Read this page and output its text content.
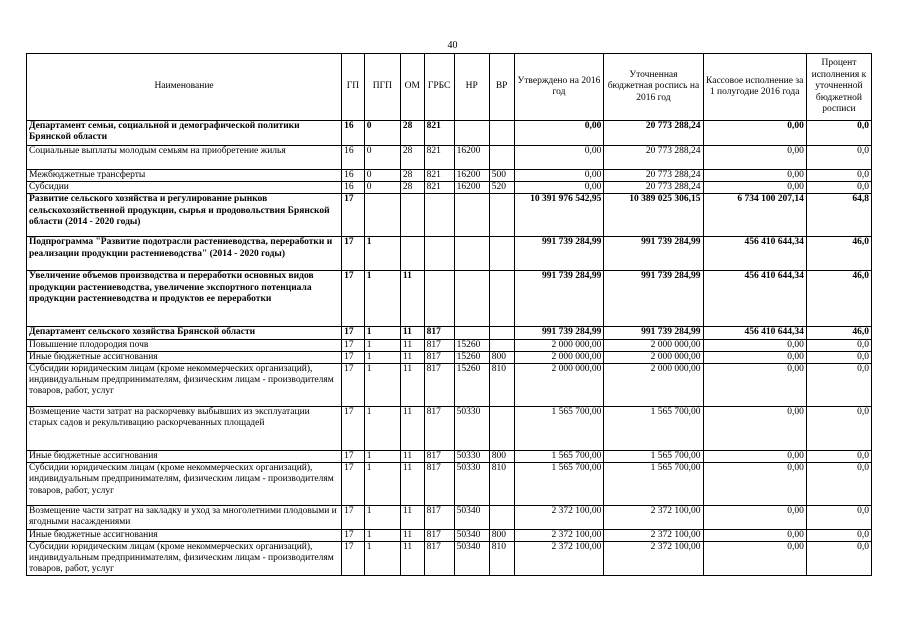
40
Наименование	ГП	ПГП	ОМ	ГРБС	НР	ВР	Утверждено на 2016 год	Уточненная бюджетная роспись на 2016 год	Кассовое исполнение за 1 полугодие 2016 года	Процент исполнения к уточненной бюджетной росписи
Департамент семьи, социальной и демографической политики Брянской области	16	0	28	821			0,00	20 773 288,24	0,00	0,0
Социальные выплаты молодым семьям на приобретение жилья	16	0	28	821	16200		0,00	20 773 288,24	0,00	0,0
Межбюджетные трансферты	16	0	28	821	16200	500	0,00	20 773 288,24	0,00	0,0
Субсидии	16	0	28	821	16200	520	0,00	20 773 288,24	0,00	0,0
Развитие сельского хозяйства и регулирование рынков сельскохозяйственной продукции, сырья и продовольствия Брянской области (2014 - 2020 годы)	17						10 391 976 542,95	10 389 025 306,15	6 734 100 207,14	64,8
Подпрограмма "Развитие подотрасли растениеводства, переработки и реализации продукции растениеводства" (2014 - 2020 годы)	17	1					991 739 284,99	991 739 284,99	456 410 644,34	46,0
Увеличение объемов производства и переработки основных видов продукции растениеводства, увеличение экспортного потенциала продукции растениеводства и продуктов ее переработки	17	1	11				991 739 284,99	991 739 284,99	456 410 644,34	46,0
Департамент сельского хозяйства Брянской области	17	1	11	817			991 739 284,99	991 739 284,99	456 410 644,34	46,0
Повышение плодородия почв	17	1	11	817	15260		2 000 000,00	2 000 000,00	0,00	0,0
Иные бюджетные ассигнования	17	1	11	817	15260	800	2 000 000,00	2 000 000,00	0,00	0,0
Субсидии юридическим лицам (кроме некоммерческих организаций), индивидуальным предпринимателям, физическим лицам - производителям товаров, работ, услуг	17	1	11	817	15260	810	2 000 000,00	2 000 000,00	0,00	0,0
Возмещение части затрат на раскорчевку выбывших из эксплуатации старых садов и рекультивацию раскорчеванных площадей	17	1	11	817	50330		1 565 700,00	1 565 700,00	0,00	0,0
Иные бюджетные ассигнования	17	1	11	817	50330	800	1 565 700,00	1 565 700,00	0,00	0,0
Субсидии юридическим лицам (кроме некоммерческих организаций), индивидуальным предпринимателям, физическим лицам - производителям товаров, работ, услуг	17	1	11	817	50330	810	1 565 700,00	1 565 700,00	0,00	0,0
Возмещение части затрат на закладку и уход за многолетними плодовыми и ягодными насаждениями	17	1	11	817	50340		2 372 100,00	2 372 100,00	0,00	0,0
Иные бюджетные ассигнования	17	1	11	817	50340	800	2 372 100,00	2 372 100,00	0,00	0,0
Субсидии юридическим лицам (кроме некоммерческих организаций), индивидуальным предпринимателям, физическим лицам - производителям товаров, работ, услуг	17	1	11	817	50340	810	2 372 100,00	2 372 100,00	0,00	0,0
